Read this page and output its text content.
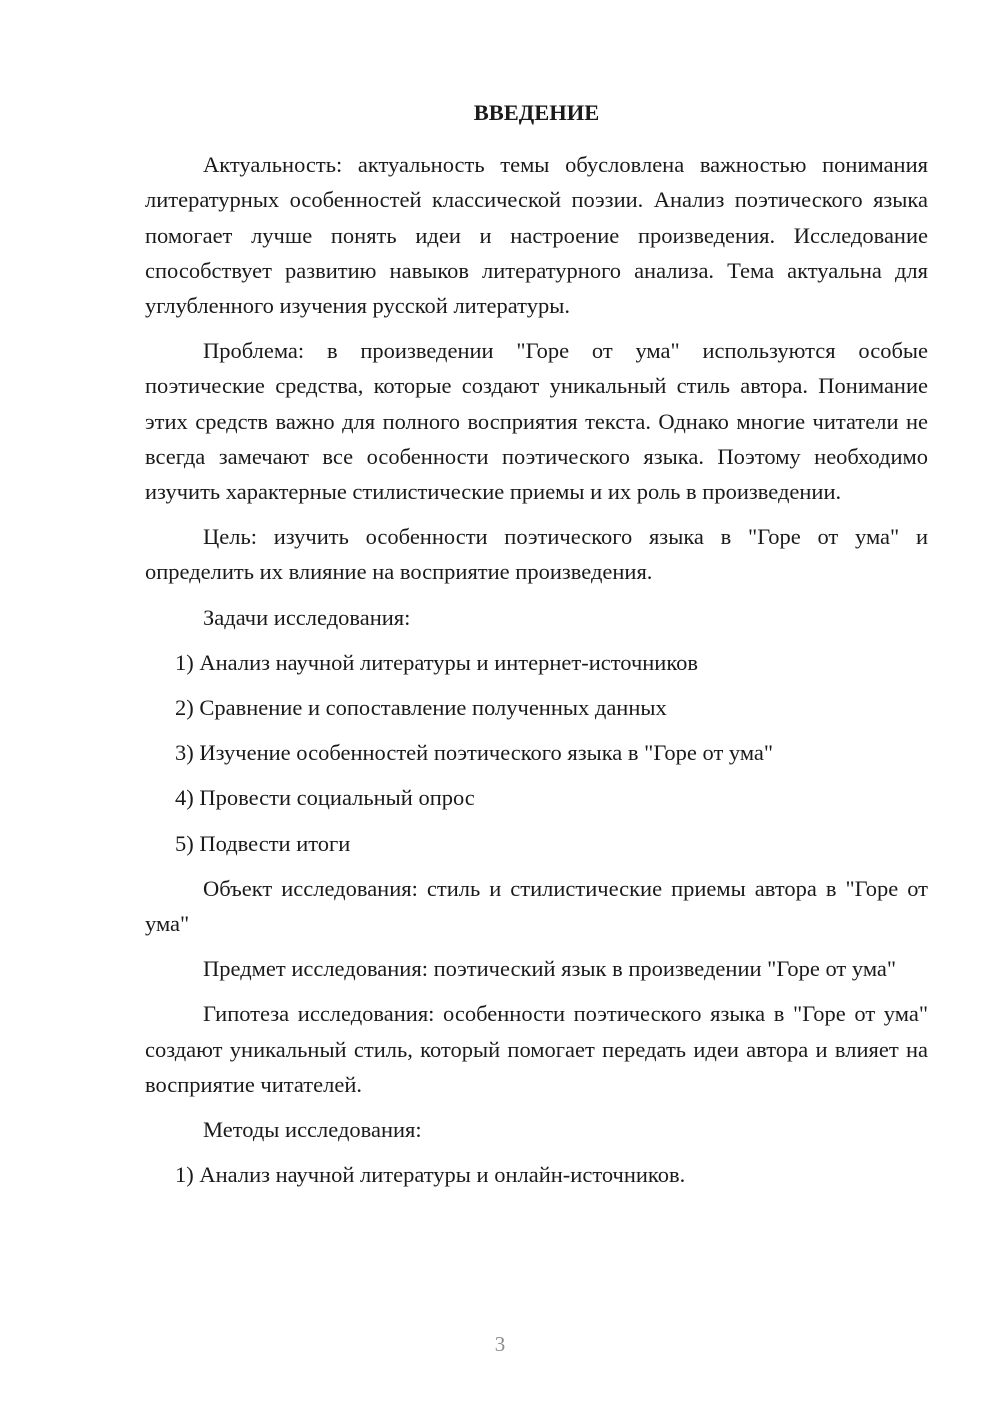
ВВЕДЕНИЕ

Актуальность: актуальность темы обусловлена важностью понимания литературных особенностей классической поэзии. Анализ поэтического языка помогает лучше понять идеи и настроение произведения. Исследование способствует развитию навыков литературного анализа. Тема актуальна для углубленного изучения русской литературы.

Проблема: в произведении "Горе от ума" используются особые поэтические средства, которые создают уникальный стиль автора. Понимание этих средств важно для полного восприятия текста. Однако многие читатели не всегда замечают все особенности поэтического языка. Поэтому необходимо изучить характерные стилистические приемы и их роль в произведении.

Цель: изучить особенности поэтического языка в "Горе от ума" и определить их влияние на восприятие произведения.

Задачи исследования:
1) Анализ научной литературы и интернет-источников
2) Сравнение и сопоставление полученных данных
3) Изучение особенностей поэтического языка в "Горе от ума"
4) Провести социальный опрос
5) Подвести итоги

Объект исследования: стиль и стилистические приемы автора в "Горе от ума"

Предмет исследования: поэтический язык в произведении "Горе от ума"

Гипотеза исследования: особенности поэтического языка в "Горе от ума" создают уникальный стиль, который помогает передать идеи автора и влияет на восприятие читателей.

Методы исследования:
1) Анализ научной литературы и онлайн-источников.
3
